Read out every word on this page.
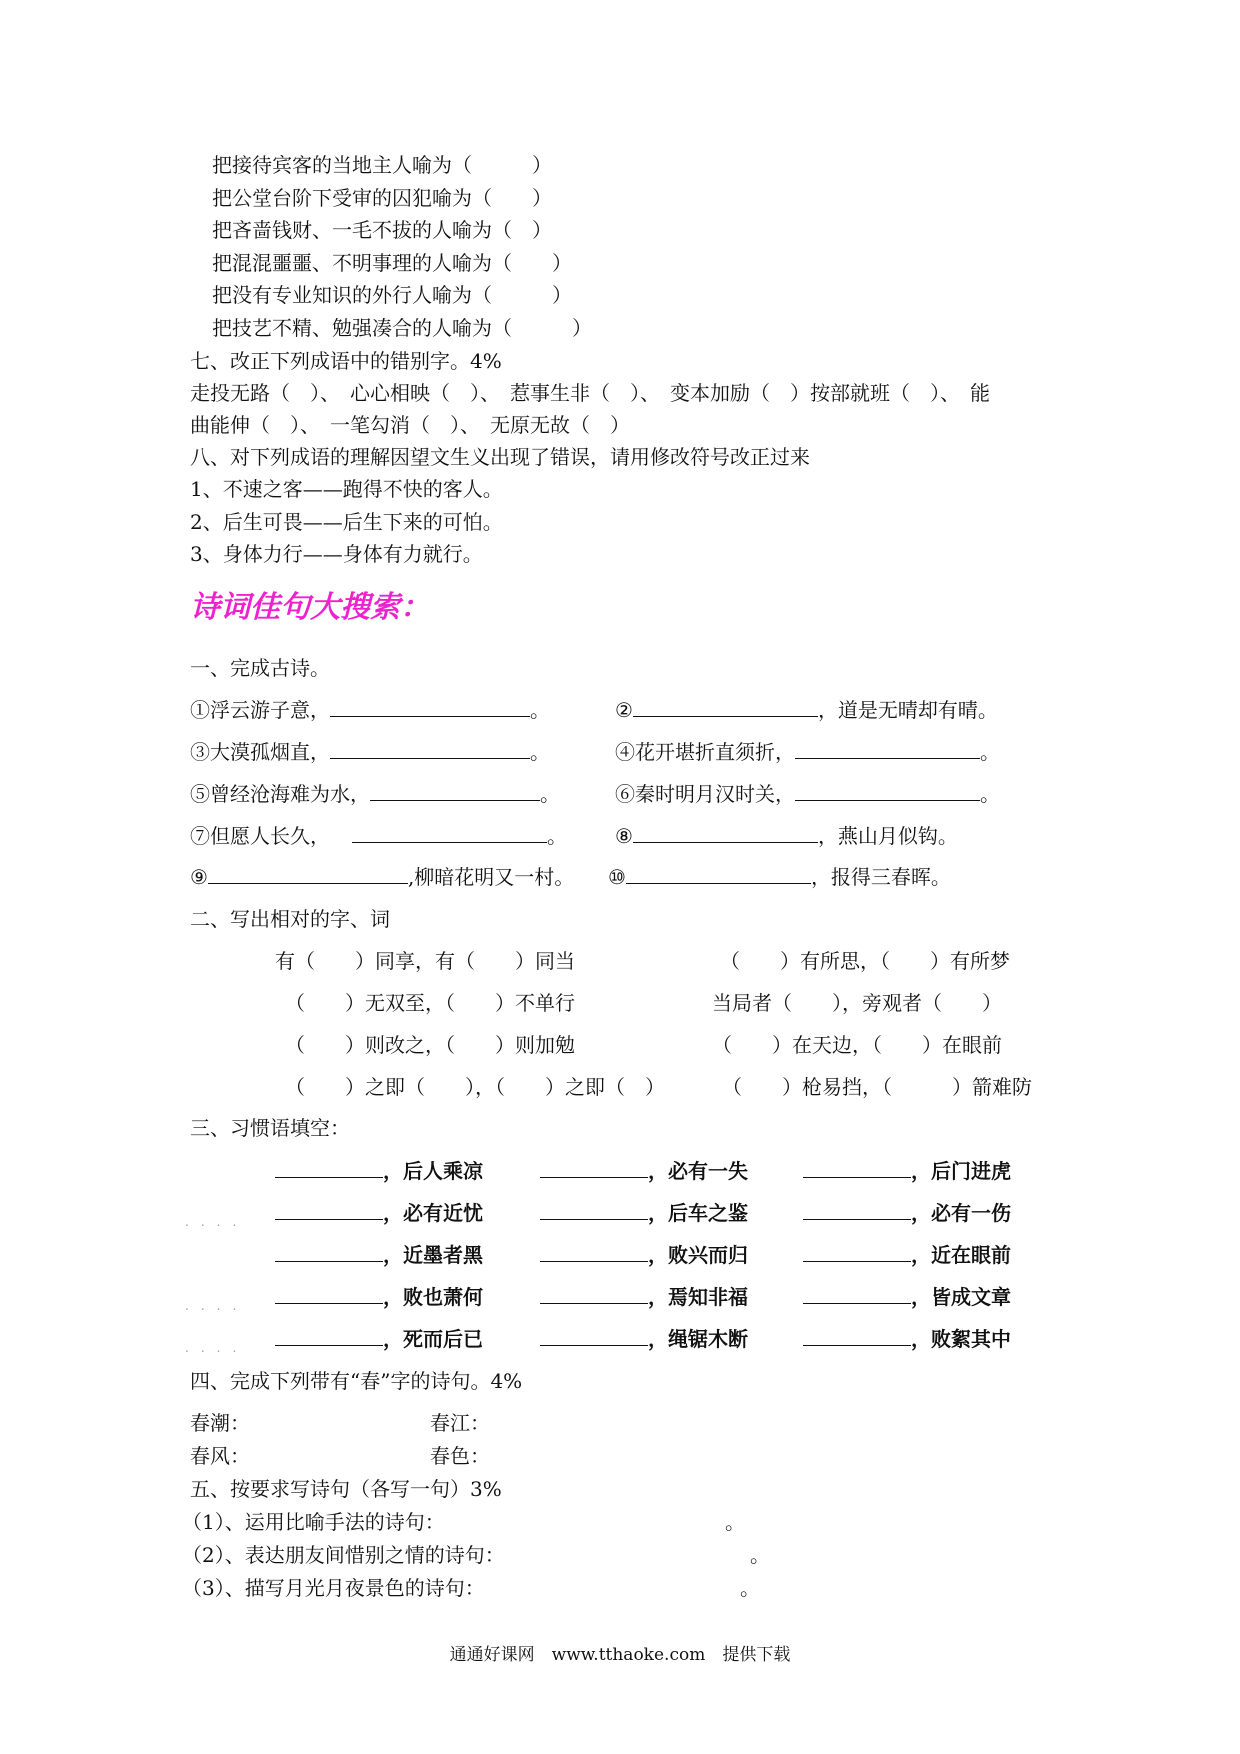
把接待宾客的当地主人喻为（　　　）
把公堂台阶下受审的囚犯喻为（　　）
把吝啬钱财、一毛不拔的人喻为（　）
把混混噩噩、不明事理的人喻为（　　）
把没有专业知识的外行人喻为（　　　）
把技艺不精、勉强凑合的人喻为（　　　）
七、改正下列成语中的错别字。4%
走投无路（　）、　心心相映（　）、　惹事生非（　）、　变本加励（　）按部就班（　）、　能
曲能伸（　）、　一笔勾消（　）、　无原无故（　）
八、对下列成语的理解因望文生义出现了错误，请用修改符号改正过来
1、不速之客——跑得不快的客人。
2、后生可畏——后生下来的可怕。
3、身体力行——身体有力就行。
诗词佳句大搜索：
一、完成古诗。
①浮云游子意，	。	②	，道是无晴却有晴。
③大漠孤烟直，	。	④花开堪折直须折，	。
⑤曾经沧海难为水，	。	⑥秦时明月汉时关，	。
⑦但愿人长久，	。 ⑧	，燕山月似钩。
⑨	,柳暗花明又一村。 ⑩	，报得三春晖。
二、写出相对的字、词
有（　　）同享，有（　　）同当	（　　）有所思，（　　）有所梦
（　　）无双至，（　　）不单行	当局者（　　），旁观者（　　）
（　　）则改之，（　　）则加勉	（　　）在天边，（　　）在眼前
（　　）之即（　　），（　　）之即（　）	（　　）枪易挡，（　　　）箭难防
三、习惯语填空：
，后人乘凉	，必有一失	，后门进虎
，必有近忧	，后车之鉴	，必有一伤
，近墨者黑	，败兴而归	，近在眼前
，败也萧何	，焉知非福	，皆成文章
，死而后已	，绳锯木断	，败絮其中
....
....
....
四、完成下列带有“春”字的诗句。4%
春潮：	春江：
春风：	春色：
五、按要求写诗句（各写一句）3%
（1）、运用比喻手法的诗句：	。
（2）、表达朋友间惜别之情的诗句：	。
（3）、描写月光月夜景色的诗句：	。
通通好课网　www.tthaoke.com　提供下载
